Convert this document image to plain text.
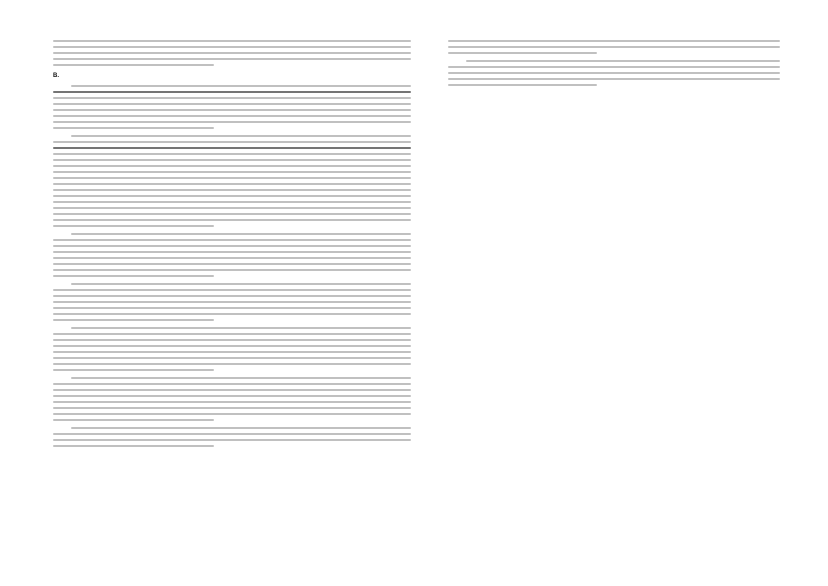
B.
